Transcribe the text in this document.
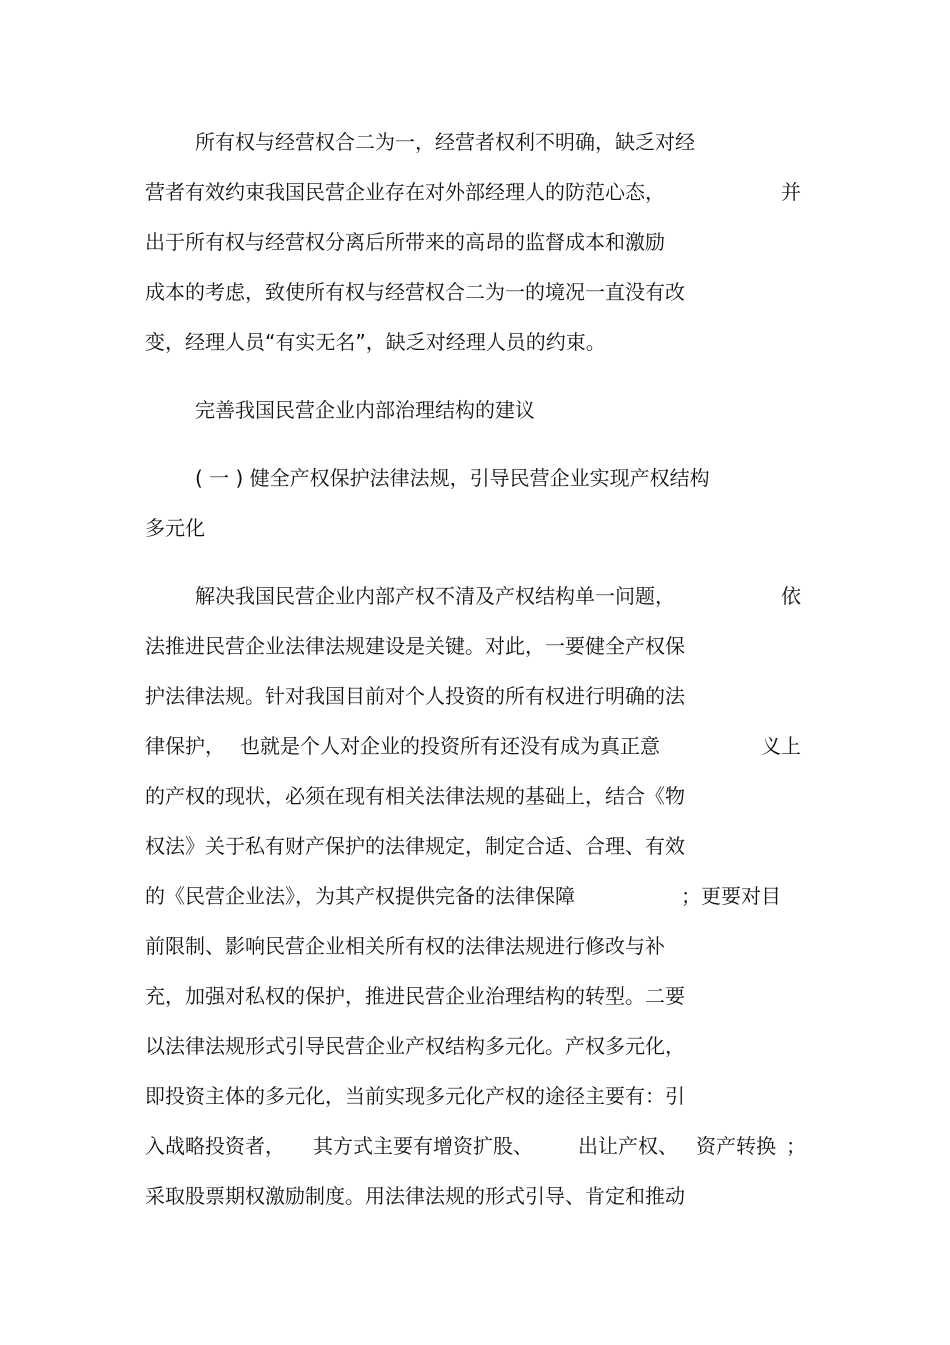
所有权与经营权合二为一，经营者权利不明确，缺乏对经
营者有效约束我国民营企业存在对外部经理人的防范心态，	并
出于所有权与经营权分离后所带来的高昂的监督成本和激励
成本的考虑，致使所有权与经营权合二为一的境况一直没有改
变，经理人员“有实无名”，缺乏对经理人员的约束。
完善我国民营企业内部治理结构的建议
( 一 ) 健全产权保护法律法规，引导民营企业实现产权结构
多元化
解决我国民营企业内部产权不清及产权结构单一问题，	依
法推进民营企业法律法规建设是关键。对此，一要健全产权保
护法律法规。针对我国目前对个人投资的所有权进行明确的法
律保护， 也就是个人对企业的投资所有还没有成为真正意	义上
的产权的现状，必须在现有相关法律法规的基础上，结合《物
权法》关于私有财产保护的法律规定，制定合适、合理、有效
的《民营企业法》，为其产权提供完备的法律保障	；更要对目
前限制、影响民营企业相关所有权的法律法规进行修改与补
充，加强对私权的保护，推进民营企业治理结构的转型。二要
以法律法规形式引导民营企业产权结构多元化。产权多元化，
即投资主体的多元化，当前实现多元化产权的途径主要有：引
入战略投资者， 其方式主要有增资扩股、 出让产权、 资产转换 ；
采取股票期权激励制度。用法律法规的形式引导、肯定和推动
